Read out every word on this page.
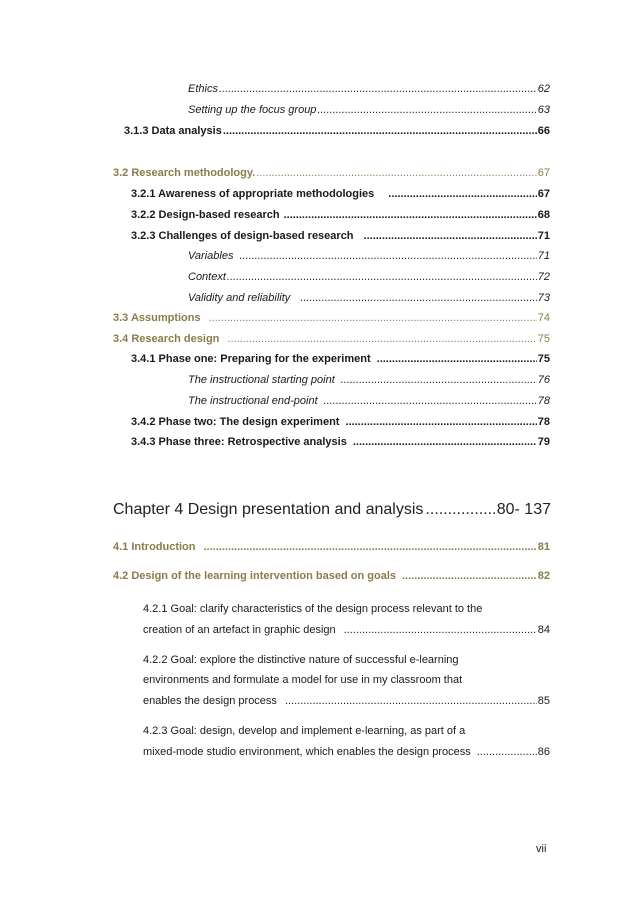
Ethics .....	62
Setting up the focus group .....	63
3.1.3 Data analysis .....	66
3.2 Research methodology. .....	67
3.2.1 Awareness of appropriate methodologies .....	67
3.2.2 Design-based research .....	68
3.2.3 Challenges of design-based research .....	71
Variables .....	71
Context .....	72
Validity and reliability .....	73
3.3 Assumptions .....	74
3.4 Research design .....	75
3.4.1 Phase one: Preparing for the experiment .....	75
The instructional starting point .....	76
The instructional end-point .....	78
3.4.2 Phase two: The design experiment .....	78
3.4.3 Phase three: Retrospective analysis .....	79
Chapter 4 Design presentation and analysis .....	80- 137
4.1 Introduction .....	81
4.2 Design of the learning intervention based on goals .....	82
4.2.1 Goal: clarify characteristics of the design process relevant to the
creation of an artefact in graphic design .....	84
4.2.2 Goal: explore the distinctive nature of successful e-learning
environments and formulate a model for use in my classroom that
enables the design process .....	85
4.2.3 Goal: design, develop and implement e-learning, as part of a
mixed-mode studio environment, which enables the design process .....	86
vii
